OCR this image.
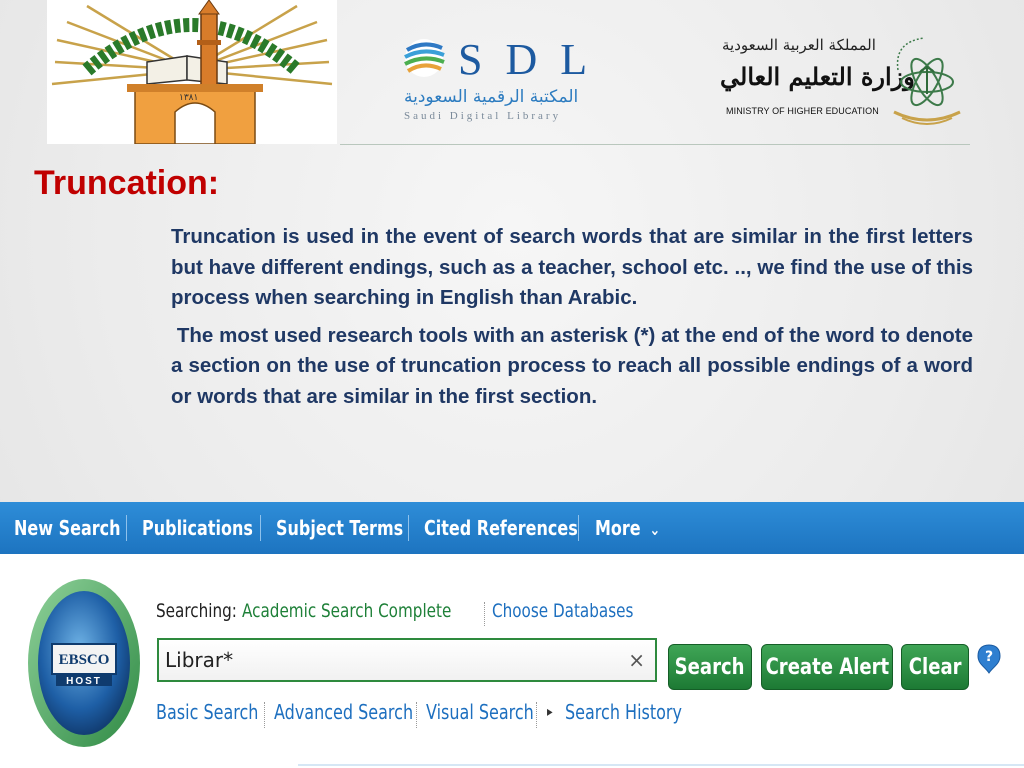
١٣٨١
S D L
المكتبة الرقمية السعودية
Saudi Digital Library
المملكة العربية السعودية
وزارة التعليم العالي
MINISTRY OF HIGHER EDUCATION
Truncation:

Truncation is used in the event of search words that are similar in the first letters but have different endings, such as a teacher, school etc. .., we find the use of this process when searching in English than Arabic.

The most used research tools with an asterisk (*) at the end of the word to denote a section on the use of truncation process to reach all possible endings of a word or words that are similar in the first section.

New Search Publications Subject Terms Cited References More ⌄
EBSCO
HOST
Searching: Academic Search Complete Choose Databases
Librar*
× Search Create Alert Clear ?
Basic Search Advanced Search Visual Search ▸ Search History
